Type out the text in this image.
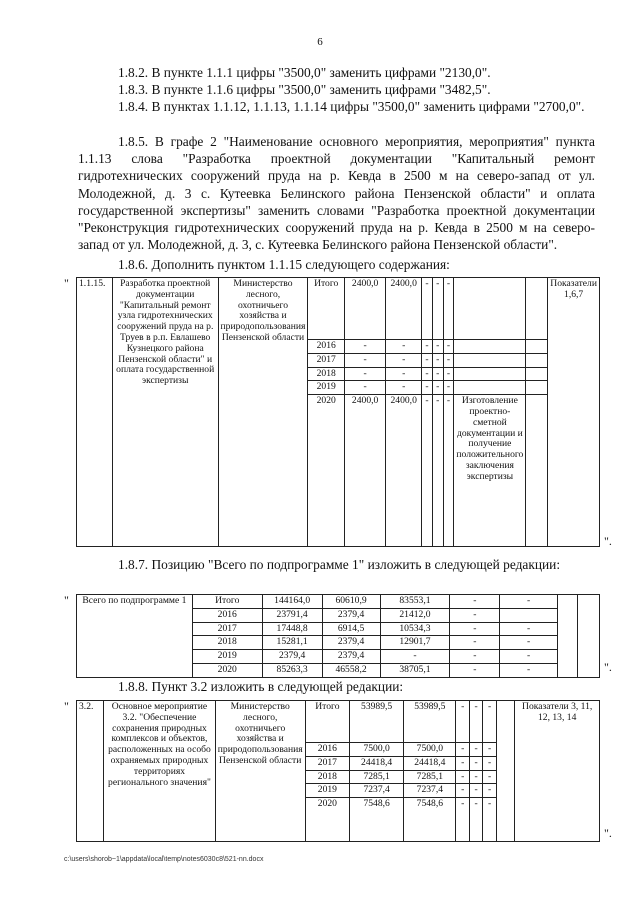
6

1.8.2. В пункте 1.1.1 цифры "3500,0" заменить цифрами "2130,0".

1.8.3. В пункте 1.1.6 цифры "3500,0" заменить цифрами "3482,5".

1.8.4. В пунктах 1.1.12, 1.1.13, 1.1.14 цифры "3500,0" заменить цифрами "2700,0".

1.8.5. В графе 2 "Наименование основного мероприятия, мероприятия" пункта 1.1.13 слова "Разработка проектной документации "Капитальный ремонт гидротехнических сооружений пруда на р. Кевда в 2500 м на северо-запад от ул. Молодежной, д. 3 с. Кутеевка Белинского района Пензенской области" и оплата государственной экспертизы" заменить словами "Разработка проектной документации "Реконструкция гидротехнических сооружений пруда на р. Кевда в 2500 м на северо-запад от ул. Молодежной, д. 3, с. Кутеевка Белинского района Пензенской области".

1.8.6. Дополнить пунктом 1.1.15 следующего содержания:

" 1.1.15.	Разработка проектной документации "Капитальный ремонт узла гидротехнических сооружений пруда на р. Труев в р.п. Евлашево Кузнецкого района Пензенской области" и оплата государственной экспертизы	Министерство лесного, охотничьего хозяйства и природопользования Пензенской области	Итого	2400,0	2400,0	-	-	-			Показатели 1,6,7
			2016	-	-	-	-	-			
			2017	-	-	-	-	-			
			2018	-	-	-	-	-			
			2019	-	-	-	-	-			
			2020	2400,0	2400,0	-	-	-	Изготовление проектно-сметной документации и получение положительного заключения экспертизы		
".

1.8.7. Позицию "Всего по подпрограмме 1" изложить в следующей редакции:

" Всего по подпрограмме 1	Итого	144164,0	60610,9	83553,1	-	-		
	2016	23791,4	2379,4	21412,0	-			
	2017	17448,8	6914,5	10534,3	-	-		
	2018	15281,1	2379,4	12901,7	-	-		
	2019	2379,4	2379,4	-	-	-		
	2020	85263,3	46558,2	38705,1	-	-			".

1.8.8. Пункт 3.2 изложить в следующей редакции:

" 3.2.	Основное мероприятие 3.2. "Обеспечение сохранения природных комплексов и объектов, расположенных на особо охраняемых природных территориях регионального значения"	Министерство лесного, охотничьего хозяйства и природопользования Пензенской области	Итого	53989,5	53989,5	-	-	-		Показатели 3, 11, 12, 13, 14
			2016	7500,0	7500,0	-	-	-		
			2017	24418,4	24418,4	-	-	-		
			2018	7285,1	7285,1	-	-	-		
			2019	7237,4	7237,4	-	-	-		
			2020	7548,6	7548,6	-	-	-		
".
c:\users\shorob~1\appdata\local\temp\notes6030c8\521-nn.docx
